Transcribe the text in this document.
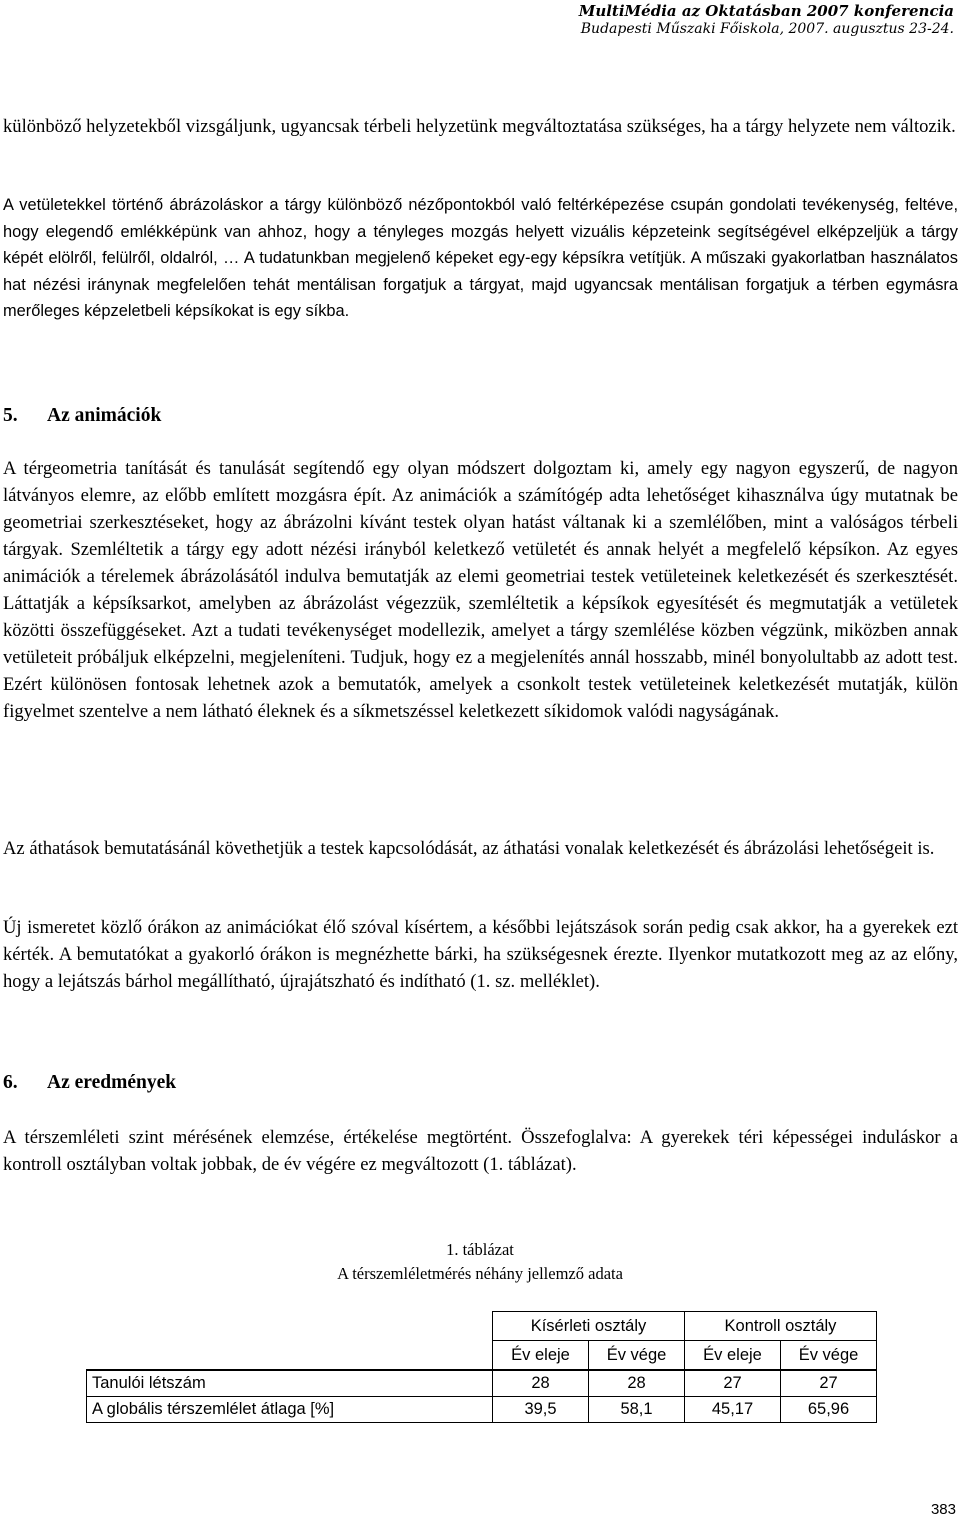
MultiMédia az Oktatásban 2007 konferencia
Budapesti Műszaki Főiskola, 2007. augusztus 23-24.

különböző helyzetekből vizsgáljunk, ugyancsak térbeli helyzetünk megváltoztatása szükséges, ha a tárgy helyzete nem változik.

A vetületekkel történő ábrázoláskor a tárgy különböző nézőpontokból való feltérképezése csupán gondolati tevékenység, feltéve, hogy elegendő emlékképünk van ahhoz, hogy a tényleges mozgás helyett vizuális képzeteink segítségével elképzeljük a tárgy képét elölről, felülről, oldalról, … A tudatunkban megjelenő képeket egy-egy képsíkra vetítjük. A műszaki gyakorlatban használatos hat nézési iránynak megfelelően tehát mentálisan forgatjuk a tárgyat, majd ugyancsak mentálisan forgatjuk a térben egymásra merőleges képzeletbeli képsíkokat is egy síkba.

5. Az animációk

A térgeometria tanítását és tanulását segítendő egy olyan módszert dolgoztam ki, amely egy nagyon egyszerű, de nagyon látványos elemre, az előbb említett mozgásra épít. Az animációk a számítógép adta lehetőséget kihasználva úgy mutatnak be geometriai szerkesztéseket, hogy az ábrázolni kívánt testek olyan hatást váltanak ki a szemlélőben, mint a valóságos térbeli tárgyak. Szemléltetik a tárgy egy adott nézési irányból keletkező vetületét és annak helyét a megfelelő képsíkon. Az egyes animációk a térelemek ábrázolásától indulva bemutatják az elemi geometriai testek vetületeinek keletkezését és szerkesztését. Láttatják a képsíksarkot, amelyben az ábrázolást végezzük, szemléltetik a képsíkok egyesítését és megmutatják a vetületek közötti összefüggéseket. Azt a tudati tevékenységet modellezik, amelyet a tárgy szemlélése közben végzünk, miközben annak vetületeit próbáljuk elképzelni, megjeleníteni. Tudjuk, hogy ez a megjelenítés annál hosszabb, minél bonyolultabb az adott test. Ezért különösen fontosak lehetnek azok a bemutatók, amelyek a csonkolt testek vetületeinek keletkezését mutatják, külön figyelmet szentelve a nem látható éleknek és a síkmetszéssel keletkezett síkidomok valódi nagyságának.

Az áthatások bemutatásánál követhetjük a testek kapcsolódását, az áthatási vonalak keletkezését és ábrázolási lehetőségeit is.

Új ismeretet közlő órákon az animációkat élő szóval kísértem, a későbbi lejátszások során pedig csak akkor, ha a gyerekek ezt kérték. A bemutatókat a gyakorló órákon is megnézhette bárki, ha szükségesnek érezte. Ilyenkor mutatkozott meg az az előny, hogy a lejátszás bárhol megállítható, újrajátszható és indítható (1. sz. melléklet).

6. Az eredmények

A térszemléleti szint mérésének elemzése, értékelése megtörtént. Összefoglalva: A gyerekek téri képességei induláskor a kontroll osztályban voltak jobbak, de év végére ez megváltozott (1. táblázat).

1. táblázat

A térszemléletmérés néhány jellemző adata

	Kísérleti osztály		Kontroll osztály	
	Év eleje	Év vége	Év eleje	Év vége
Tanulói létszám	28	28	27	27
A globális térszemlélet átlaga [%]	39,5	58,1	45,17	65,96
383
